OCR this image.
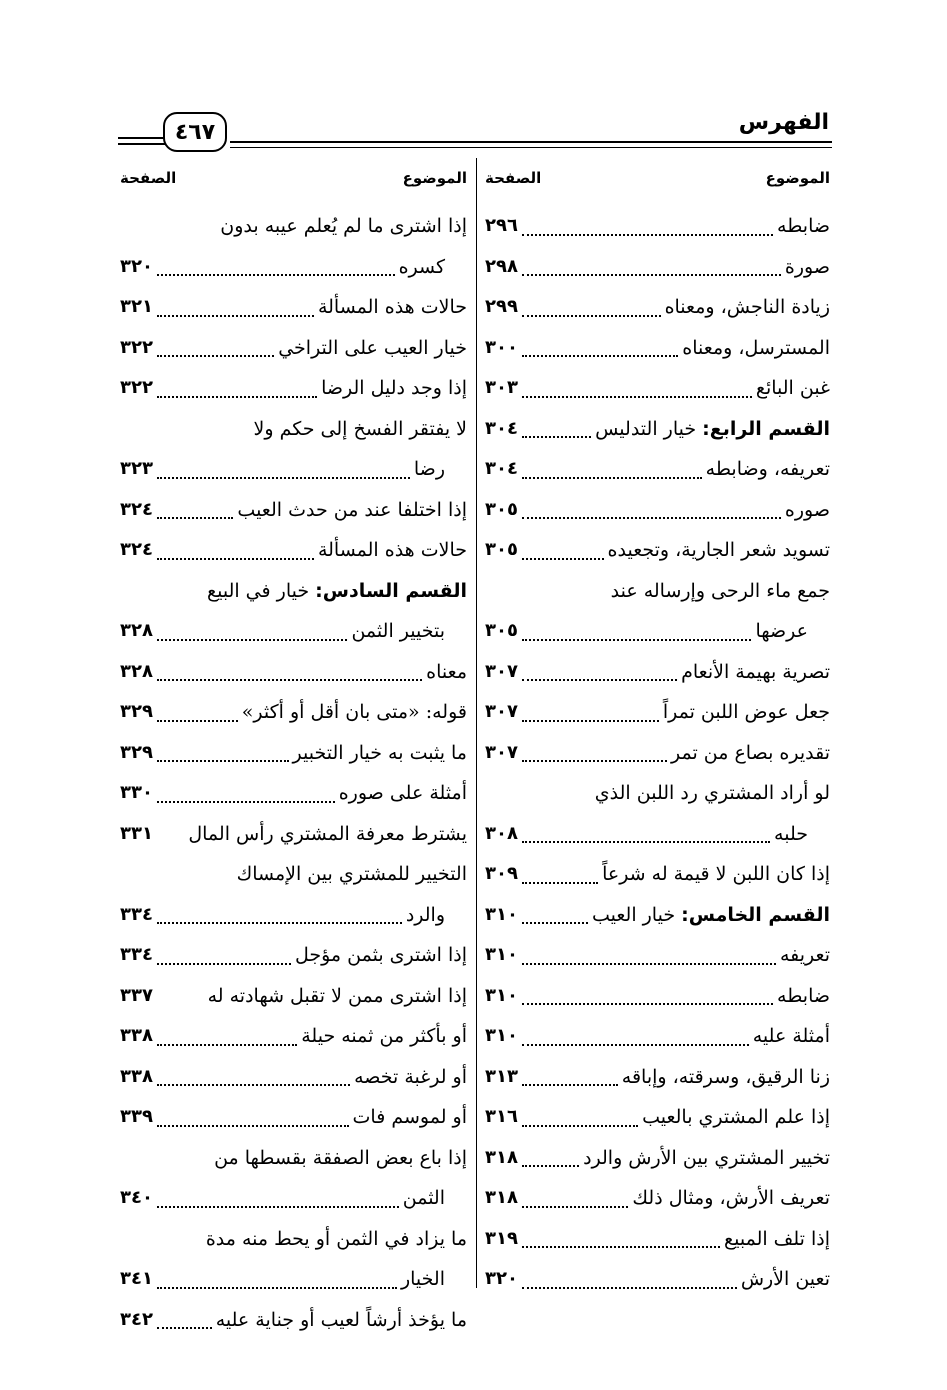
الفهرس
٤٦٧
الموضوع
الصفحة
ضابطه
٢٩٦
صورة
٢٩٨
زيادة الناجش، ومعناه
٢٩٩
المسترسل، ومعناه
٣٠٠
غبن البائع
٣٠٣
القسم الرابع: خيار التدليس
٣٠٤
تعريفه، وضابطه
٣٠٤
صوره
٣٠٥
تسويد شعر الجارية، وتجعيده
٣٠٥
جمع ماء الرحى وإرساله عند
عرضها
٣٠٥
تصرية بهيمة الأنعام
٣٠٧
جعل عوض اللبن تمراً
٣٠٧
تقديره بصاع من تمر
٣٠٧
لو أراد المشتري رد اللبن الذي
حلبه
٣٠٨
إذا كان اللبن لا قيمة له شرعاً
٣٠٩
القسم الخامس: خيار العيب
٣١٠
تعريفه
٣١٠
ضابطه
٣١٠
أمثلة عليه
٣١٠
زنا الرقيق، وسرقته، وإباقه
٣١٣
إذا علم المشتري بالعيب
٣١٦
تخيير المشتري بين الأرش والرد
٣١٨
تعريف الأرش، ومثال ذلك
٣١٨
إذا تلف المبيع
٣١٩
تعين الأرش
٣٢٠
الموضوع
الصفحة
إذا اشترى ما لم يُعلم عيبه بدون
كسره
٣٢٠
حالات هذه المسألة
٣٢١
خيار العيب على التراخي
٣٢٢
إذا وجد دليل الرضا
٣٢٢
لا يفتقر الفسخ إلى حكم ولا
رضا
٣٢٣
إذا اختلفا عند من حدث العيب
٣٢٤
حالات هذه المسألة
٣٢٤
القسم السادس: خيار في البيع
بتخيير الثمن
٣٢٨
معناه
٣٢٨
قوله: «متى بان أقل أو أكثر»
٣٢٩
ما يثبت به خيار التخبير
٣٢٩
أمثلة على صوره
٣٣٠
يشترط معرفة المشتري رأس المال
٣٣١
التخيير للمشتري بين الإمساك
والرد
٣٣٤
إذا اشترى بثمن مؤجل
٣٣٤
إذا اشترى ممن لا تقبل شهادته له
٣٣٧
أو بأكثر من ثمنه حيلة
٣٣٨
أو لرغبة تخصه
٣٣٨
أو لموسم فات
٣٣٩
إذا باع بعض الصفقة بقسطها من
الثمن
٣٤٠
ما يزاد في الثمن أو يحط منه مدة
الخيار
٣٤١
ما يؤخذ أرشاً لعيب أو جناية عليه
٣٤٢
